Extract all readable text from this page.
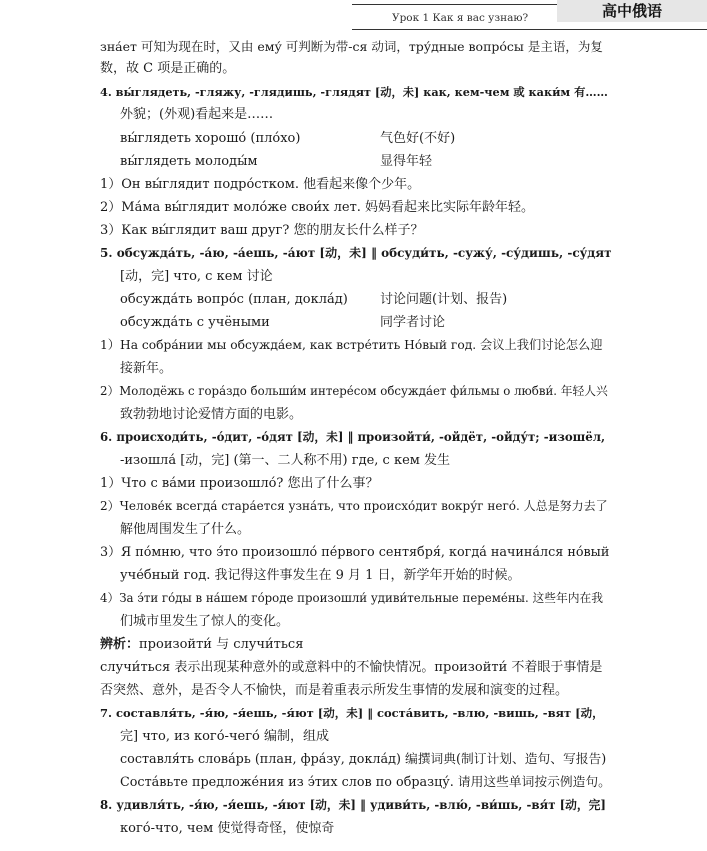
Урок 1 Как я вас узнаю?	高中俄语
зна́ет 可知为现在时，又由 ему́ 可判断为带-ся 动词，тру́дные вопро́сы 是主语，为复
数，故 C 项是正确的。
4. вы́глядеть, -гляжу, -глядишь, -глядят [动，未] как, кем-чем 或 каки́м 有……
外貌；(外观)看起来是……
вы́глядеть хорошо́ (пло́хо)	气色好(不好)
вы́глядеть молоды́м	显得年轻
1）Он вы́глядит подро́стком. 他看起来像个少年。
2）Ма́ма вы́глядит моло́же свои́х лет. 妈妈看起来比实际年龄年轻。
3）Как вы́глядит ваш друг? 您的朋友长什么样子？
5. обсужда́ть, -а́ю, -а́ешь, -а́ют [动，未] ‖ обсуди́ть, -сужу́, -су́дишь, -су́дят
[动，完] что, с кем 讨论
обсужда́ть вопро́с (план, докла́д) 讨论问题(计划、报告)
обсужда́ть с учёными	同学者讨论
1）На собра́нии мы обсужда́ем, как встре́тить Но́вый год. 会议上我们讨论怎么迎
接新年。
2）Молодёжь с гора́здо больши́м интере́сом обсужда́ет фи́льмы о любви́. 年轻人兴
致勃勃地讨论爱情方面的电影。
6. происходи́ть, -о́дит, -о́дят [动，未] ‖ произойти́, -ойдёт, -ойду́т; -изошёл,
-изошла́ [动，完] (第一、二人称不用) где, с кем 发生
1）Что с ва́ми произошло́? 您出了什么事？
2）Челове́к всегда́ стара́ется узна́ть, что происхо́дит вокру́г него́. 人总是努力去了
解他周围发生了什么。
3）Я по́мню, что э́то произошло́ пе́рвого сентября́, когда́ начина́лся но́вый
уче́бный год. 我记得这件事发生在 9 月 1 日，新学年开始的时候。
4）За э́ти го́ды в на́шем го́роде произошли́ удиви́тельные переме́ны. 这些年内在我
们城市里发生了惊人的变化。
辨析：произойти́ 与 случи́ться
случи́ться 表示出现某种意外的或意料中的不愉快情况。произойти́ 不着眼于事情是
否突然、意外，是否令人不愉快，而是着重表示所发生事情的发展和演变的过程。
7. составля́ть, -я́ю, -я́ешь, -я́ют [动，未] ‖ соста́вить, -влю, -вишь, -вят [动，
完] что, из кого́-чего́ 编制，组成
составля́ть слова́рь (план, фра́зу, докла́д) 编撰词典(制订计划、造句、写报告)
Соста́вьте предложе́ния из э́тих слов по образцу́. 请用这些单词按示例造句。
8. удивля́ть, -я́ю, -я́ешь, -я́ют [动，未] ‖ удиви́ть, -влю́, -ви́шь, -вя́т [动，完]
кого́-что, чем 使觉得奇怪，使惊奇
